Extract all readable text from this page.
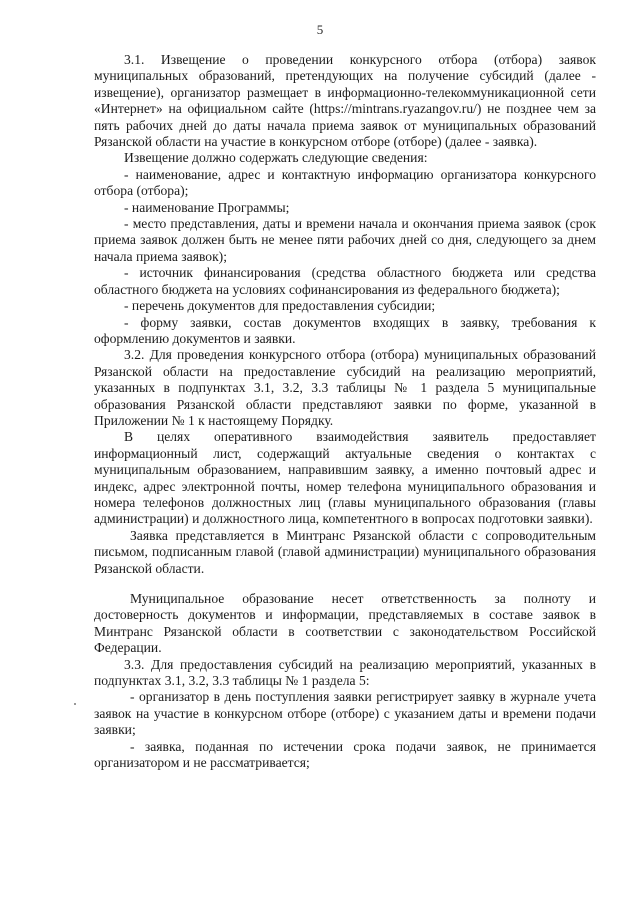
5

3.1. Извещение о проведении конкурсного отбора (отбора) заявок муниципальных образований, претендующих на получение субсидий (далее - извещение), организатор размещает в информационно-телекоммуникационной сети «Интернет» на официальном сайте (https://mintrans.ryazangov.ru/) не позднее чем за пять рабочих дней до даты начала приема заявок от муниципальных образований Рязанской области на участие в конкурсном отборе (отборе) (далее - заявка).

Извещение должно содержать следующие сведения:

- наименование, адрес и контактную информацию организатора конкурсного отбора (отбора);

- наименование Программы;

- место представления, даты и времени начала и окончания приема заявок (срок приема заявок должен быть не менее пяти рабочих дней со дня, следующего за днем начала приема заявок);

- источник финансирования (средства областного бюджета или средства областного бюджета на условиях софинансирования из федерального бюджета);

- перечень документов для предоставления субсидии;

- форму заявки, состав документов входящих в заявку, требования к оформлению документов и заявки.

3.2. Для проведения конкурсного отбора (отбора) муниципальных образований Рязанской области на предоставление субсидий на реализацию мероприятий, указанных в подпунктах 3.1, 3.2, 3.3 таблицы № 1 раздела 5 муниципальные образования Рязанской области представляют заявки по форме, указанной в Приложении № 1 к настоящему Порядку.

В целях оперативного взаимодействия заявитель предоставляет информационный лист, содержащий актуальные сведения о контактах с муниципальным образованием, направившим заявку, а именно почтовый адрес и индекс, адрес электронной почты, номер телефона муниципального образования и номера телефонов должностных лиц (главы муниципального образования (главы администрации) и должностного лица, компетентного в вопросах подготовки заявки).

Заявка представляется в Минтранс Рязанской области с сопроводительным письмом, подписанным главой (главой администрации) муниципального образования Рязанской области.

Муниципальное образование несет ответственность за полноту и достоверность документов и информации, представляемых в составе заявок в Минтранс Рязанской области в соответствии с законодательством Российской Федерации.

3.3. Для предоставления субсидий на реализацию мероприятий, указанных в подпунктах 3.1, 3.2, 3.3 таблицы № 1 раздела 5:

- организатор в день поступления заявки регистрирует заявку в журнале учета заявок на участие в конкурсном отборе (отборе) с указанием даты и времени подачи заявки;

- заявка, поданная по истечении срока подачи заявок, не принимается организатором и не рассматривается;
